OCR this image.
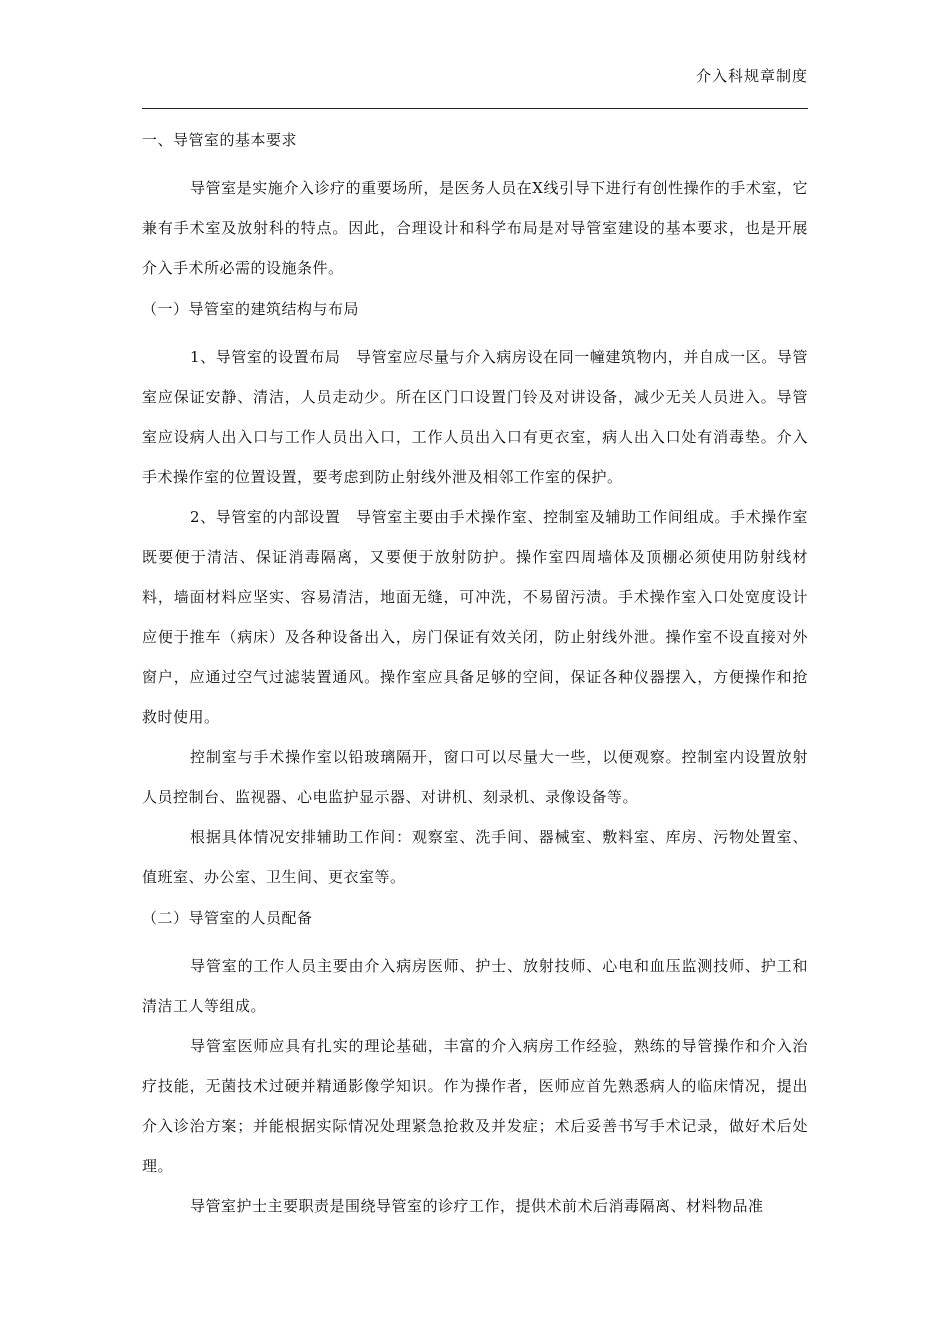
介入科规章制度

一、导管室的基本要求

导管室是实施介入诊疗的重要场所，是医务人员在X线引导下进行有创性操作的手术室，它兼有手术室及放射科的特点。因此，合理设计和科学布局是对导管室建设的基本要求，也是开展介入手术所必需的设施条件。

（一）导管室的建筑结构与布局

1、导管室的设置布局　导管室应尽量与介入病房设在同一幢建筑物内，并自成一区。导管室应保证安静、清洁，人员走动少。所在区门口设置门铃及对讲设备，减少无关人员进入。导管室应设病人出入口与工作人员出入口，工作人员出入口有更衣室，病人出入口处有消毒垫。介入手术操作室的位置设置，要考虑到防止射线外泄及相邻工作室的保护。

2、导管室的内部设置　导管室主要由手术操作室、控制室及辅助工作间组成。手术操作室既要便于清洁、保证消毒隔离，又要便于放射防护。操作室四周墙体及顶棚必须使用防射线材料，墙面材料应坚实、容易清洁，地面无缝，可冲洗，不易留污渍。手术操作室入口处宽度设计应便于推车（病床）及各种设备出入，房门保证有效关闭，防止射线外泄。操作室不设直接对外窗户，应通过空气过滤装置通风。操作室应具备足够的空间，保证各种仪器摆入，方便操作和抢救时使用。

控制室与手术操作室以铅玻璃隔开，窗口可以尽量大一些，以便观察。控制室内设置放射人员控制台、监视器、心电监护显示器、对讲机、刻录机、录像设备等。

根据具体情况安排辅助工作间：观察室、洗手间、器械室、敷料室、库房、污物处置室、值班室、办公室、卫生间、更衣室等。

（二）导管室的人员配备

导管室的工作人员主要由介入病房医师、护士、放射技师、心电和血压监测技师、护工和清洁工人等组成。

导管室医师应具有扎实的理论基础，丰富的介入病房工作经验，熟练的导管操作和介入治疗技能，无菌技术过硬并精通影像学知识。作为操作者，医师应首先熟悉病人的临床情况，提出介入诊治方案；并能根据实际情况处理紧急抢救及并发症；术后妥善书写手术记录，做好术后处理。

导管室护士主要职责是围绕导管室的诊疗工作，提供术前术后消毒隔离、材料物品准
